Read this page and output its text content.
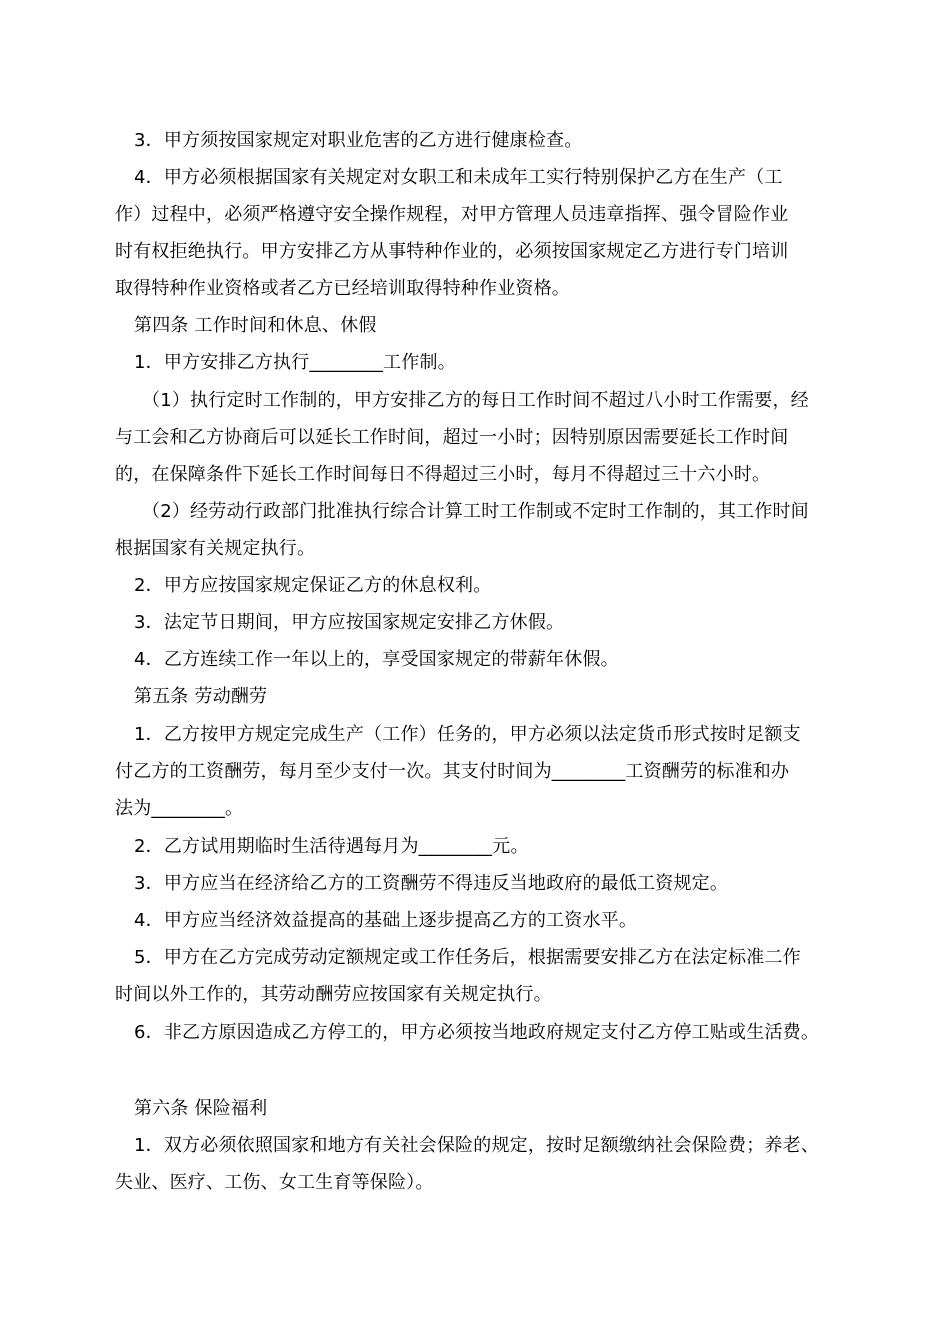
3．甲方须按国家规定对职业危害的乙方进行健康检查。
4．甲方必须根据国家有关规定对女职工和未成年工实行特别保护乙方在生产（工
作）过程中，必须严格遵守安全操作规程，对甲方管理人员违章指挥、强令冒险作业
时有权拒绝执行。甲方安排乙方从事特种作业的，必须按国家规定乙方进行专门培训
取得特种作业资格或者乙方已经培训取得特种作业资格。
第四条 工作时间和休息、休假
1．甲方安排乙方执行________工作制。
（1）执行定时工作制的，甲方安排乙方的每日工作时间不超过八小时工作需要，经
与工会和乙方协商后可以延长工作时间，超过一小时；因特别原因需要延长工作时间
的，在保障条件下延长工作时间每日不得超过三小时，每月不得超过三十六小时。
（2）经劳动行政部门批准执行综合计算工时工作制或不定时工作制的，其工作时间
根据国家有关规定执行。
2．甲方应按国家规定保证乙方的休息权利。
3．法定节日期间，甲方应按国家规定安排乙方休假。
4．乙方连续工作一年以上的，享受国家规定的带薪年休假。
第五条 劳动酬劳
1．乙方按甲方规定完成生产（工作）任务的，甲方必须以法定货币形式按时足额支
付乙方的工资酬劳，每月至少支付一次。其支付时间为________工资酬劳的标准和办
法为________。
2．乙方试用期临时生活待遇每月为________元。
3．甲方应当在经济给乙方的工资酬劳不得违反当地政府的最低工资规定。
4．甲方应当经济效益提高的基础上逐步提高乙方的工资水平。
5．甲方在乙方完成劳动定额规定或工作任务后，根据需要安排乙方在法定标准二作
时间以外工作的，其劳动酬劳应按国家有关规定执行。
6．非乙方原因造成乙方停工的，甲方必须按当地政府规定支付乙方停工贴或生活费。
第六条 保险福利
1．双方必须依照国家和地方有关社会保险的规定，按时足额缴纳社会保险费；养老、
失业、医疗、工伤、女工生育等保险）。
